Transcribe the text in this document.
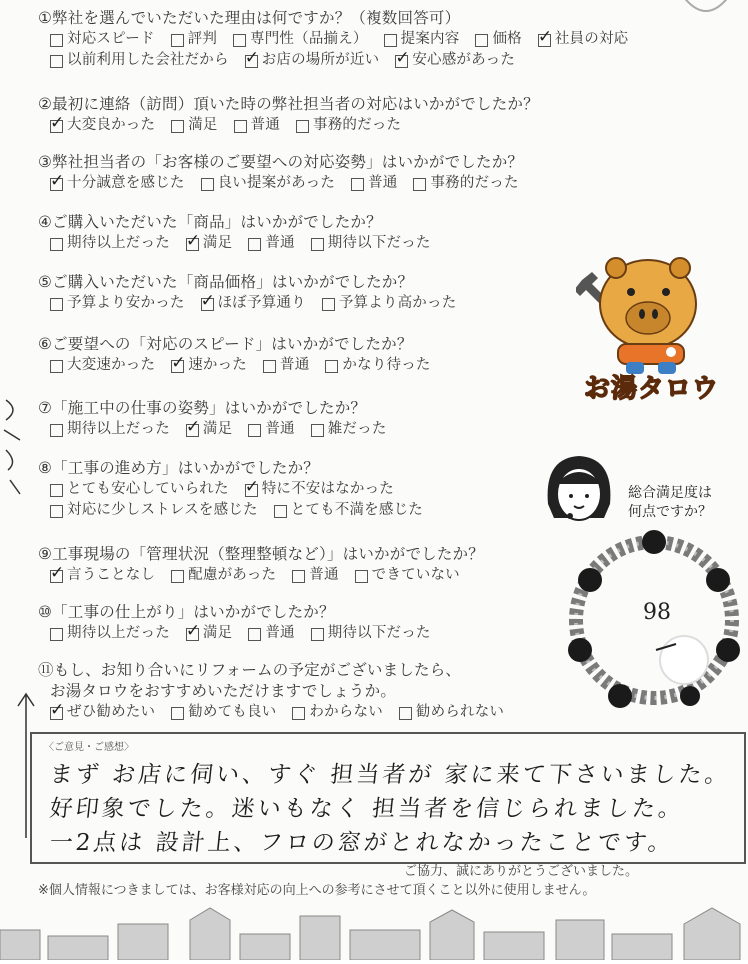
①弊社を選んでいただいた理由は何ですか？（複数回答可）
対応スピード 評判 専門性（品揃え） 提案内容 価格 ✓ 社員の対応
以前利用した会社だから ✓ お店の場所が近い ✓ 安心感があった
②最初に連絡（訪問）頂いた時の弊社担当者の対応はいかがでしたか？
✓
大変良かった 満足 普通 事務的だった
③弊社担当者の「お客様のご要望への対応姿勢」はいかがでしたか？
✓
十分誠意を感じた 良い提案があった 普通 事務的だった
④ご購入いただいた「商品」はいかがでしたか？
期待以上だった ✓ 満足 普通 期待以下だった
⑤ご購入いただいた「商品価格」はいかがでしたか？
予算より安かった ✓ ほぼ予算通り 予算より高かった
⑥ご要望への「対応のスピード」はいかがでしたか？
大変速かった ✓ 速かった 普通 かなり待った
⑦「施工中の仕事の姿勢」はいかがでしたか？
期待以上だった ✓ 満足 普通 雑だった
⑧「工事の進め方」はいかがでしたか？
とても安心していられた ✓ 特に不安はなかった
対応に少しストレスを感じた とても不満を感じた
⑨工事現場の「管理状況（整理整頓など）」はいかがでしたか？
✓
言うことなし 配慮があった 普通 できていない
⑩「工事の仕上がり」はいかがでしたか？
期待以上だった ✓ 満足 普通 期待以下だった
⑪もし、お知り合いにリフォームの予定がございましたら、
お湯タロウをおすすめいただけますでしょうか。
✓
ぜひ勧めたい 勧めても良い わからない 勧められない
お湯タロウ
総合満足度は
何点ですか？
98
〈ご意見・ご感想〉
まず お店に伺い、すぐ 担当者が 家に来て下さいました。
好印象でした。迷いもなく 担当者を信じられました。
一2点は 設計上、フロの窓がとれなかったことです。
ご協力、誠にありがとうございました。
※個人情報につきましては、お客様対応の向上への参考にさせて頂くこと以外に使用しません。
